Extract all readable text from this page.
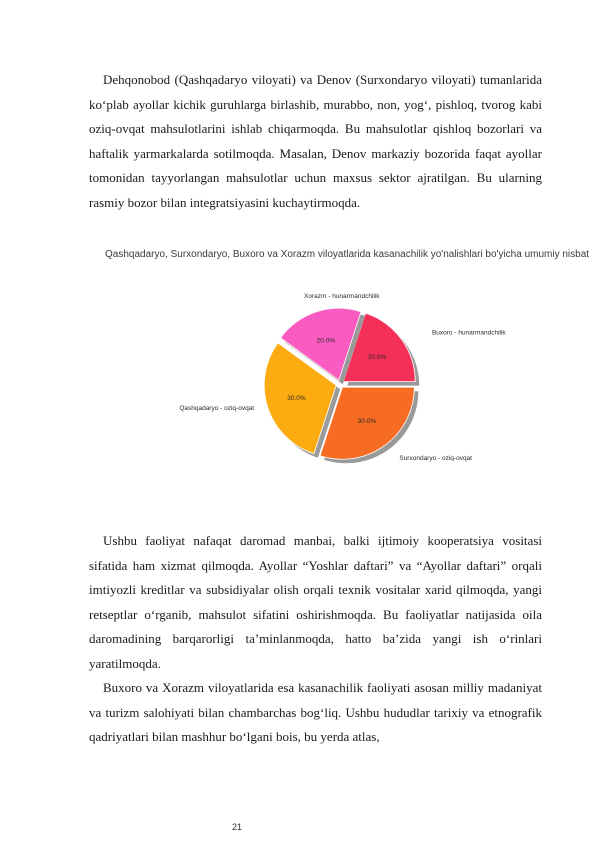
Dehqonobod (Qashqadaryo viloyati) va Denov (Surxondaryo viloyati) tumanlarida ko‘plab ayollar kichik guruhlarga birlashib, murabbo, non, yog‘, pishloq, tvorog kabi oziq-ovqat mahsulotlarini ishlab chiqarmoqda. Bu mahsulotlar qishloq bozorlari va haftalik yarmarkalarda sotilmoqda. Masalan, Denov markaziy bozorida faqat ayollar tomonidan tayyorlangan mahsulotlar uchun maxsus sektor ajratilgan. Bu ularning rasmiy bozor bilan integratsiyasini kuchaytirmoqda.

Qashqadaryo, Surxondaryo, Buxoro va Xorazm viloyatlarida kasanachilik yo'nalishlari bo'yicha umumiy nisbat
20.0%
Buxoro - hunarmandchilik
30.0%
Surxondaryo - oziq-ovqat
30.0%
Qashqadaryo - oziq-ovqat
20.0%
Xorazm - hunarmandchilik

Ushbu faoliyat nafaqat daromad manbai, balki ijtimoiy kooperatsiya vositasi sifatida ham xizmat qilmoqda. Ayollar “Yoshlar daftari” va “Ayollar daftari” orqali imtiyozli kreditlar va subsidiyalar olish orqali texnik vositalar xarid qilmoqda, yangi retseptlar o‘rganib, mahsulot sifatini oshirishmoqda. Bu faoliyatlar natijasida oila daromadining barqarorligi ta’minlanmoqda, hatto ba’zida yangi ish o‘rinlari yaratilmoqda.

Buxoro va Xorazm viloyatlarida esa kasanachilik faoliyati asosan milliy madaniyat va turizm salohiyati bilan chambarchas bog‘liq. Ushbu hududlar tarixiy va etnografik qadriyatlari bilan mashhur bo‘lgani bois, bu yerda atlas,

21
